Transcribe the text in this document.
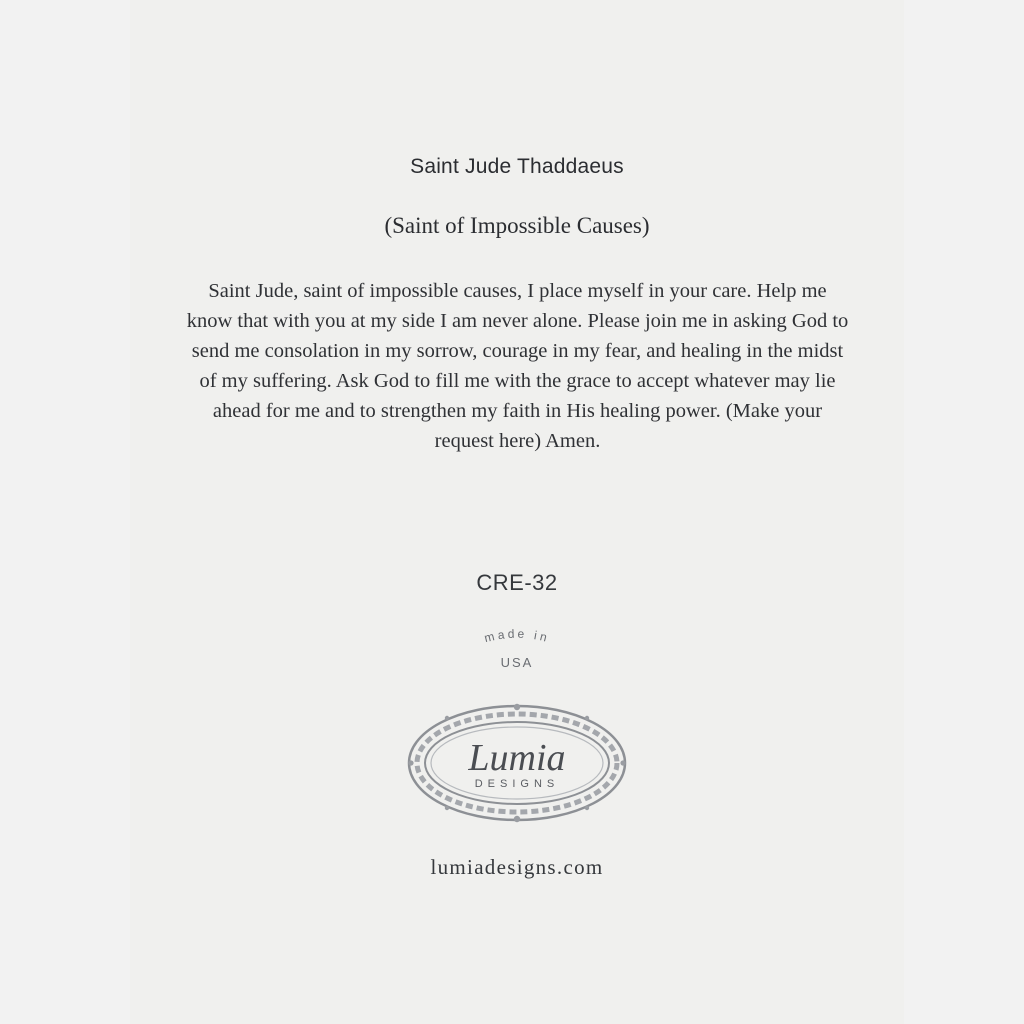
Saint Jude Thaddaeus
(Saint of Impossible Causes)
Saint Jude, saint of impossible causes, I place myself in your care. Help me know that with you at my side I am never alone. Please join me in asking God to send me consolation in my sorrow, courage in my fear, and healing in the midst of my suffering. Ask God to fill me with the grace to accept whatever may lie ahead for me and to strengthen my faith in His healing power. (Make your request here) Amen.
CRE-32
made in
USA
Lumia
DESIGNS
lumiadesigns.com
